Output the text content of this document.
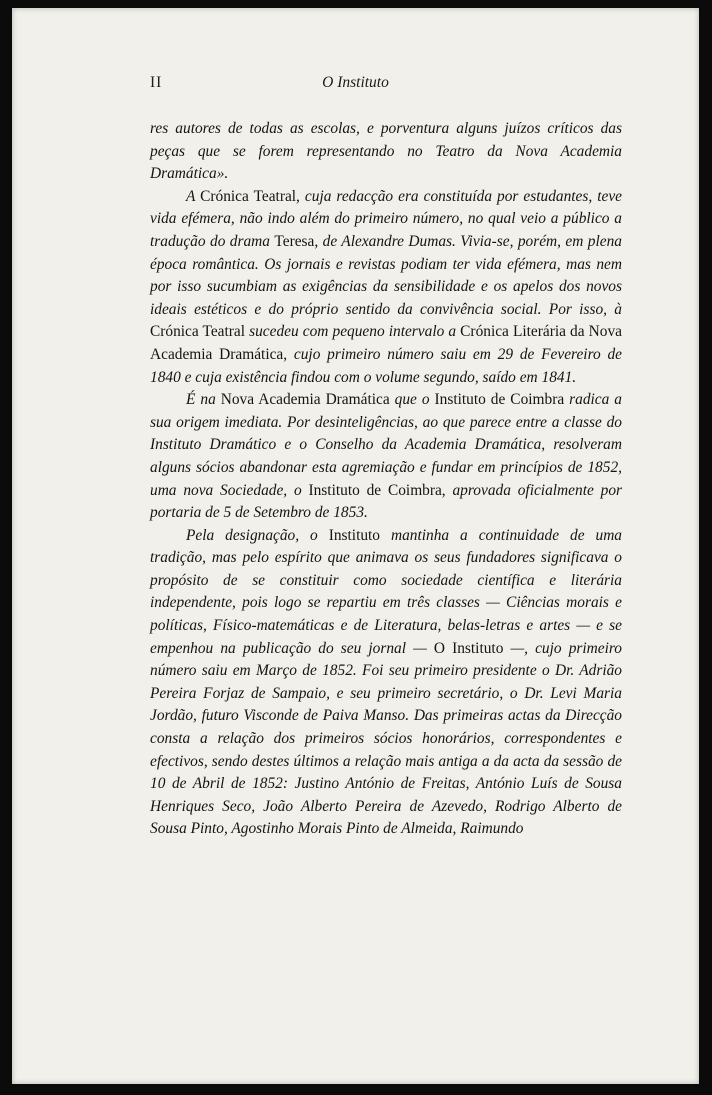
II	O Instituto

res autores de todas as escolas, e porventura alguns juízos críticos das peças que se forem representando no Teatro da Nova Academia Dramática».

A Crónica Teatral, cuja redacção era constituída por estudantes, teve vida efémera, não indo além do primeiro número, no qual veio a público a tradução do drama Teresa, de Alexandre Dumas. Vivia-se, porém, em plena época romântica. Os jornais e revistas podiam ter vida efémera, mas nem por isso sucumbiam as exigências da sensibilidade e os apelos dos novos ideais estéticos e do próprio sentido da convivência social. Por isso, à Crónica Teatral sucedeu com pequeno intervalo a Crónica Literária da Nova Academia Dramática, cujo primeiro número saiu em 29 de Fevereiro de 1840 e cuja existência findou com o volume segundo, saído em 1841.

É na Nova Academia Dramática que o Instituto de Coimbra radica a sua origem imediata. Por desinteligências, ao que parece entre a classe do Instituto Dramático e o Conselho da Academia Dramática, resolveram alguns sócios abandonar esta agremiação e fundar em princípios de 1852, uma nova Sociedade, o Instituto de Coimbra, aprovada oficialmente por portaria de 5 de Setembro de 1853.

Pela designação, o Instituto mantinha a continuidade de uma tradição, mas pelo espírito que animava os seus fundadores significava o propósito de se constituir como sociedade científica e literária independente, pois logo se repartiu em três classes — Ciências morais e políticas, Físico-matemáticas e de Literatura, belas-letras e artes — e se empenhou na publicação do seu jornal — O Instituto —, cujo primeiro número saiu em Março de 1852. Foi seu primeiro presidente o Dr. Adrião Pereira Forjaz de Sampaio, e seu primeiro secretário, o Dr. Levi Maria Jordão, futuro Visconde de Paiva Manso. Das primeiras actas da Direcção consta a relação dos primeiros sócios honorários, correspondentes e efectivos, sendo destes últimos a relação mais antiga a da acta da sessão de 10 de Abril de 1852: Justino António de Freitas, António Luís de Sousa Henriques Seco, João Alberto Pereira de Azevedo, Rodrigo Alberto de Sousa Pinto, Agostinho Morais Pinto de Almeida, Raimundo
